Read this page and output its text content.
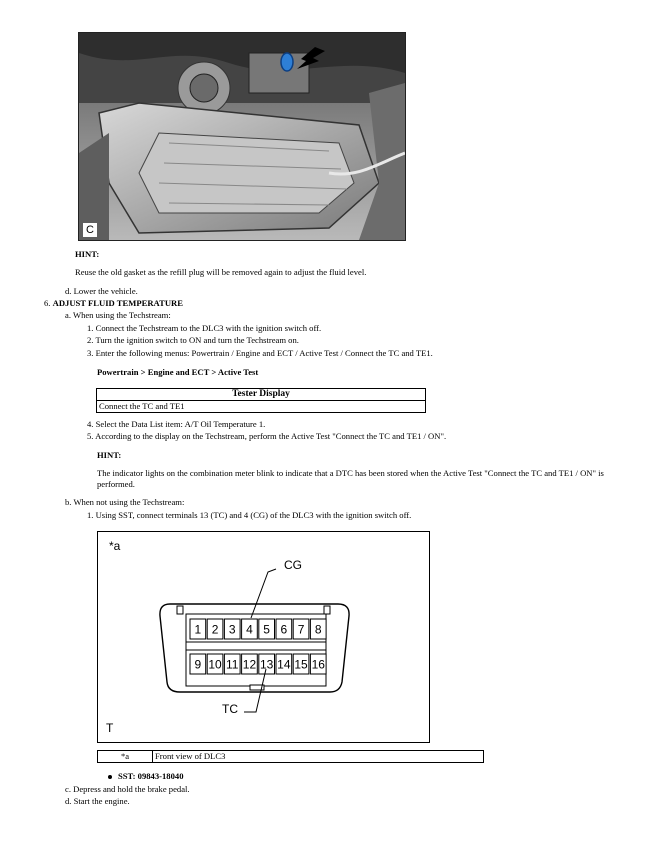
C
HINT:
Reuse the old gasket as the refill plug will be removed again to adjust the fluid level.
d. Lower the vehicle.
6. ADJUST FLUID TEMPERATURE
a. When using the Techstream:
1. Connect the Techstream to the DLC3 with the ignition switch off.
2. Turn the ignition switch to ON and turn the Techstream on.
3. Enter the following menus: Powertrain / Engine and ECT / Active Test / Connect the TC and TE1.
Powertrain > Engine and ECT > Active Test
Tester Display
Connect the TC and TE1
4. Select the Data List item: A/T Oil Temperature 1.
5. According to the display on the Techstream, perform the Active Test "Connect the TC and TE1 / ON".
HINT:
The indicator lights on the combination meter blink to indicate that a DTC has been stored when the Active Test "Connect the TC and TE1 / ON" is
performed.
b. When not using the Techstream:
1. Using SST, connect terminals 13 (TC) and 4 (CG) of the DLC3 with the ignition switch off.
*a
T
CG
TC
1 2 3 4 5 6 7 8
9 10 11 12 13 14 15 16
*a	Front view of DLC3
SST: 09843-18040
c. Depress and hold the brake pedal.
d. Start the engine.
